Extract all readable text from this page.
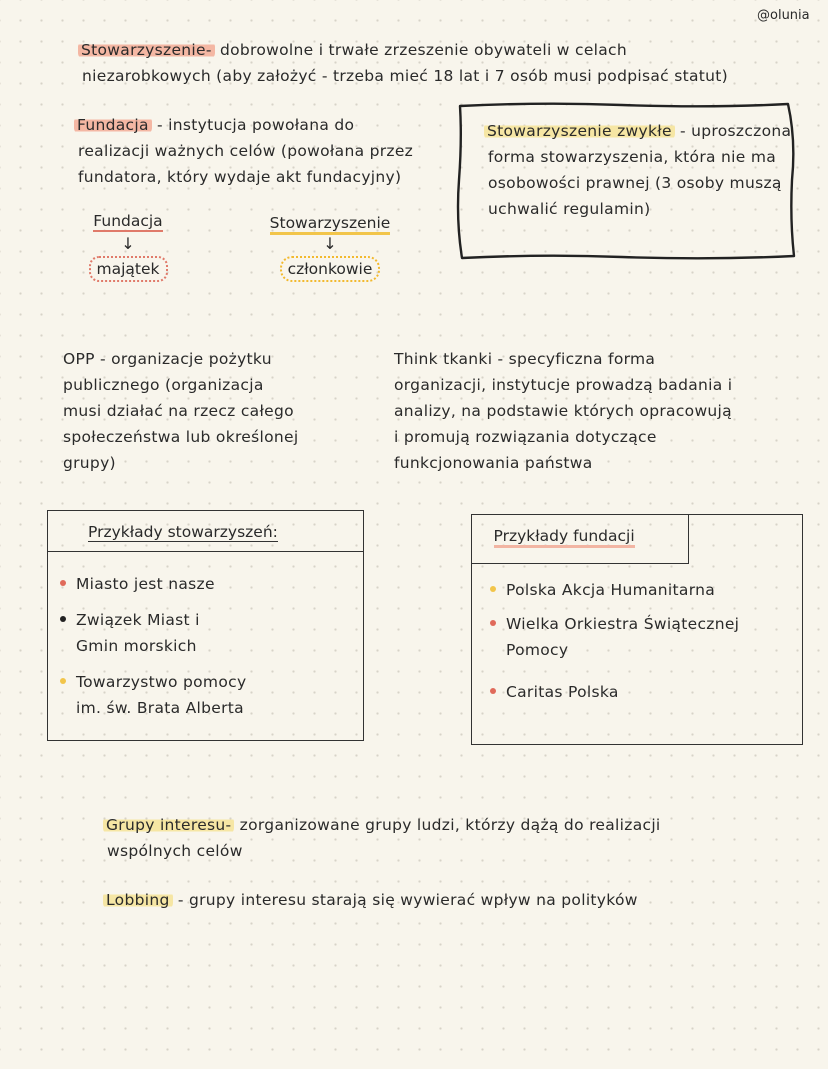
@olunia
Stowarzyszenie- dobrowolne i trwałe zrzeszenie obywateli w celach
niezarobkowych (aby założyć - trzeba mieć 18 lat i 7 osób musi podpisać statut)
Fundacja - instytucja powołana do
realizacji ważnych celów (powołana przez
fundatora, który wydaje akt fundacyjny)
Stowarzyszenie zwykłe - uproszczona
forma stowarzyszenia, która nie ma
osobowości prawnej (3 osoby muszą
uchwalić regulamin)
Fundacja
↓
majątek
Stowarzyszenie
↓
członkowie
OPP - organizacje pożytku
publicznego (organizacja
musi działać na rzecz całego
społeczeństwa lub określonej
grupy)
Think tkanki - specyficzna forma
organizacji, instytucje prowadzą badania i
analizy, na podstawie których opracowują
i promują rozwiązania dotyczące
funkcjonowania państwa
Przykłady stowarzyszeń:
Miasto jest nasze
Związek Miast i
Gmin morskich
Towarzystwo pomocy
im. św. Brata Alberta
Przykłady fundacji
Polska Akcja Humanitarna
Wielka Orkiestra Świątecznej
Pomocy
Caritas Polska
Grupy interesu- zorganizowane grupy ludzi, którzy dążą do realizacji
wspólnych celów
Lobbing - grupy interesu starają się wywierać wpływ na polityków
